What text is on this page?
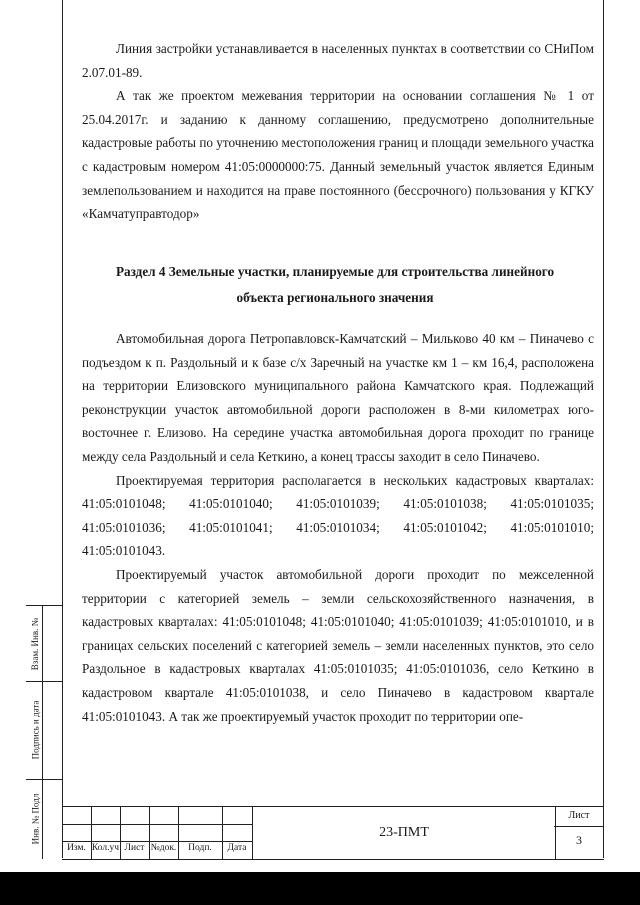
Линия застройки устанавливается в населенных пунктах в соответствии со СНиПом 2.07.01-89.

А так же проектом межевания территории на основании соглашения № 1 от 25.04.2017г. и заданию к данному соглашению, предусмотрено дополнительные кадастровые работы по уточнению местоположения границ и площади земельного участка с кадастровым номером 41:05:0000000:75. Данный земельный участок является Единым землепользованием и находится на праве постоянного (бессрочного) пользования у КГКУ «Камчатуправтодор»

Раздел 4 Земельные участки, планируемые для строительства линейного
объекта регионального значения

Автомобильная дорога Петропавловск-Камчатский – Мильково 40 км – Пиначево с подъездом к п. Раздольный и к базе с/х Заречный на участке км 1 – км 16,4, расположена на территории Елизовского муниципального района Камчатского края. Подлежащий реконструкции участок автомобильной дороги расположен в 8-ми километрах юго-восточнее г. Елизово. На середине участка автомобильная дорога проходит по границе между села Раздольный и села Кеткино, а конец трассы заходит в село Пиначево.

Проектируемая территория располагается в нескольких кадастровых кварталах: 41:05:0101048; 41:05:0101040; 41:05:0101039; 41:05:0101038; 41:05:0101035; 41:05:0101036; 41:05:0101041; 41:05:0101034; 41:05:0101042; 41:05:0101010; 41:05:0101043.

Проектируемый участок автомобильной дороги проходит по межселенной территории с категорией земель – земли сельскохозяйственного назначения, в кадастровых кварталах: 41:05:0101048; 41:05:0101040; 41:05:0101039; 41:05:0101010, и в границах сельских поселений с категорией земель – земли населенных пунктов, это село Раздольное в кадастровых кварталах 41:05:0101035; 41:05:0101036, село Кеткино в кадастровом квартале 41:05:0101038, и село Пиначево в кадастровом квартале 41:05:0101043. А так же проектируемый участок проходит по территории опе-

Взам. Инв. №
Подпись и дата
Инв. № Подл
Изм. Кол.уч Лист №док.	Подп.	Дата
23-ПМТ
Лист
3
